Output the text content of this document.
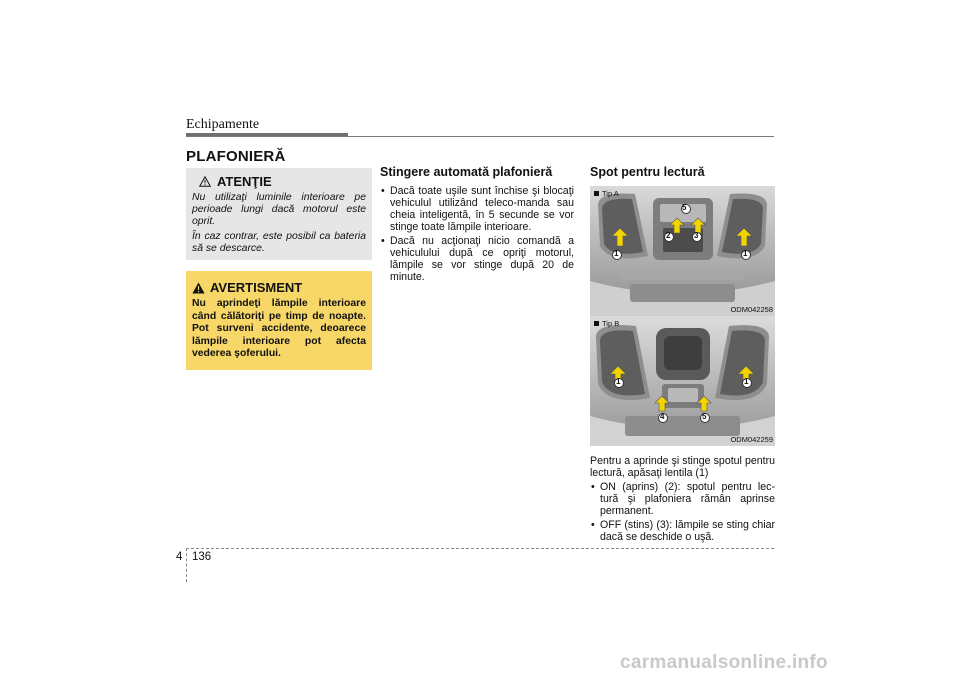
Echipamente
PLAFONIERĂ
ATENŢIE

Nu utilizaţi luminile interioare pe perioade lungi dacă motorul este oprit.

În caz contrar, este posibil ca bateria să se descarce.

AVERTISMENT
Nu aprindeţi lămpile interioare când călătoriţi pe timp de noapte. Pot surveni accidente, deoarece lămpile interioare pot afecta vederea şoferului.
Stingere automată plafonieră
• Dacă toate uşile sunt închise şi blocaţi vehiculul utilizând teleco-manda sau cheia inteligentă, în 5 secunde se vor stinge toate lămpile interioare.
• Dacă nu acţionaţi nicio comandă a vehiculului după ce opriţi motorul, lămpile se vor stinge după 20 de minute.
Spot pentru lectură
Tip A
ODM042258
5
2	3
1	1
Tip B
ODM042259
1	1
4	5

Pentru a aprinde şi stinge spotul pentru lectură, apăsaţi lentila (1)

• ON (aprins) (2): spotul pentru lec-tură şi plafoniera rămân aprinse permanent.
• OFF (stins) (3): lămpile se sting chiar dacă se deschide o uşă.
4 136
carmanualsonline.info
